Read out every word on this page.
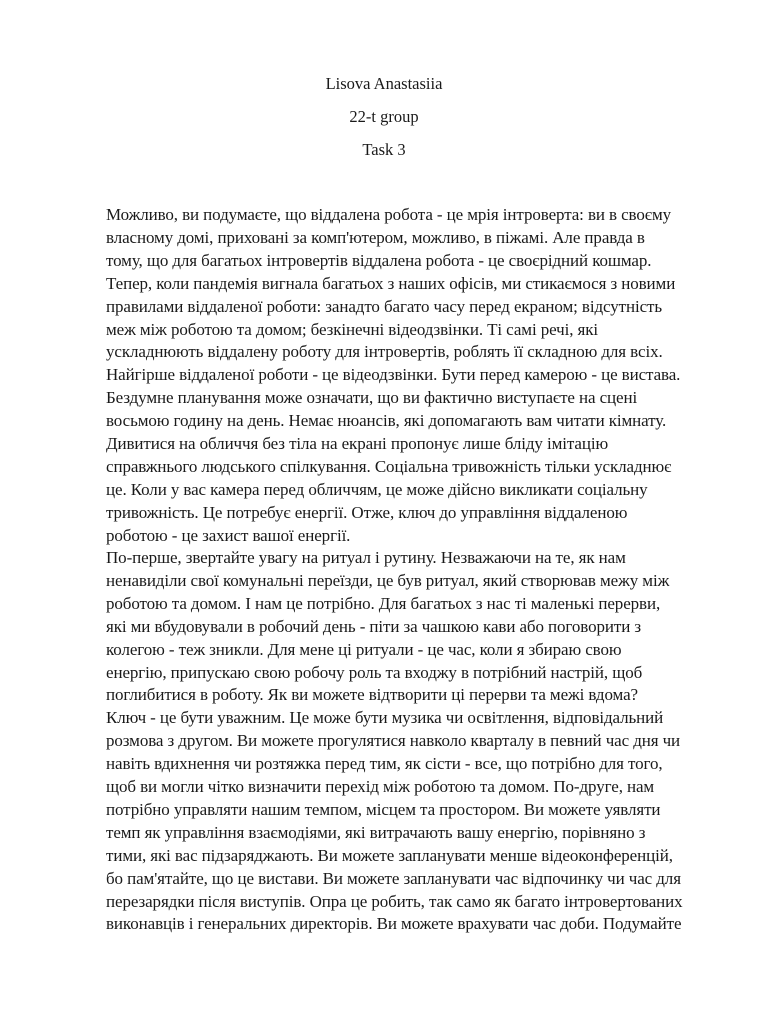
Lisova Anastasiia

22-t group

Task 3

Можливо, ви подумаєте, що віддалена робота - це мрія інтроверта: ви в своєму

власному домі, приховані за комп'ютером, можливо, в піжамі. Але правда в

тому, що для багатьох інтровертів віддалена робота - це своєрідний кошмар.

Тепер, коли пандемія вигнала багатьох з наших офісів, ми стикаємося з новими

правилами віддаленої роботи: занадто багато часу перед екраном; відсутність

меж між роботою та домом; безкінечні відеодзвінки. Ті самі речі, які

ускладнюють віддалену роботу для інтровертів, роблять її складною для всіх.

Найгірше віддаленої роботи - це відеодзвінки. Бути перед камерою - це вистава.

Бездумне планування може означати, що ви фактично виступаєте на сцені

восьмою годину на день. Немає нюансів, які допомагають вам читати кімнату.

Дивитися на обличчя без тіла на екрані пропонує лише бліду імітацію

справжнього людського спілкування. Соціальна тривожність тільки ускладнює

це. Коли у вас камера перед обличчям, це може дійсно викликати соціальну

тривожність. Це потребує енергії. Отже, ключ до управління віддаленою

роботою - це захист вашої енергії.

По-перше, звертайте увагу на ритуал і рутину. Незважаючи на те, як нам

ненавиділи свої комунальні переїзди, це був ритуал, який створював межу між

роботою та домом. І нам це потрібно. Для багатьох з нас ті маленькі перерви,

які ми вбудовували в робочий день - піти за чашкою кави або поговорити з

колегою - теж зникли. Для мене ці ритуали - це час, коли я збираю свою

енергію, припускаю свою робочу роль та входжу в потрібний настрій, щоб

поглибитися в роботу. Як ви можете відтворити ці перерви та межі вдома?

Ключ - це бути уважним. Це може бути музика чи освітлення, відповідальний

розмова з другом. Ви можете прогулятися навколо кварталу в певний час дня чи

навіть вдихнення чи розтяжка перед тим, як сісти - все, що потрібно для того,

щоб ви могли чітко визначити перехід між роботою та домом. По-друге, нам

потрібно управляти нашим темпом, місцем та простором. Ви можете уявляти

темп як управління взаємодіями, які витрачають вашу енергію, порівняно з

тими, які вас підзаряджають. Ви можете запланувати менше відеоконференцій,

бо пам'ятайте, що це вистави. Ви можете запланувати час відпочинку чи час для

перезарядки після виступів. Опра це робить, так само як багато інтровертованих

виконавців і генеральних директорів. Ви можете врахувати час доби. Подумайте
